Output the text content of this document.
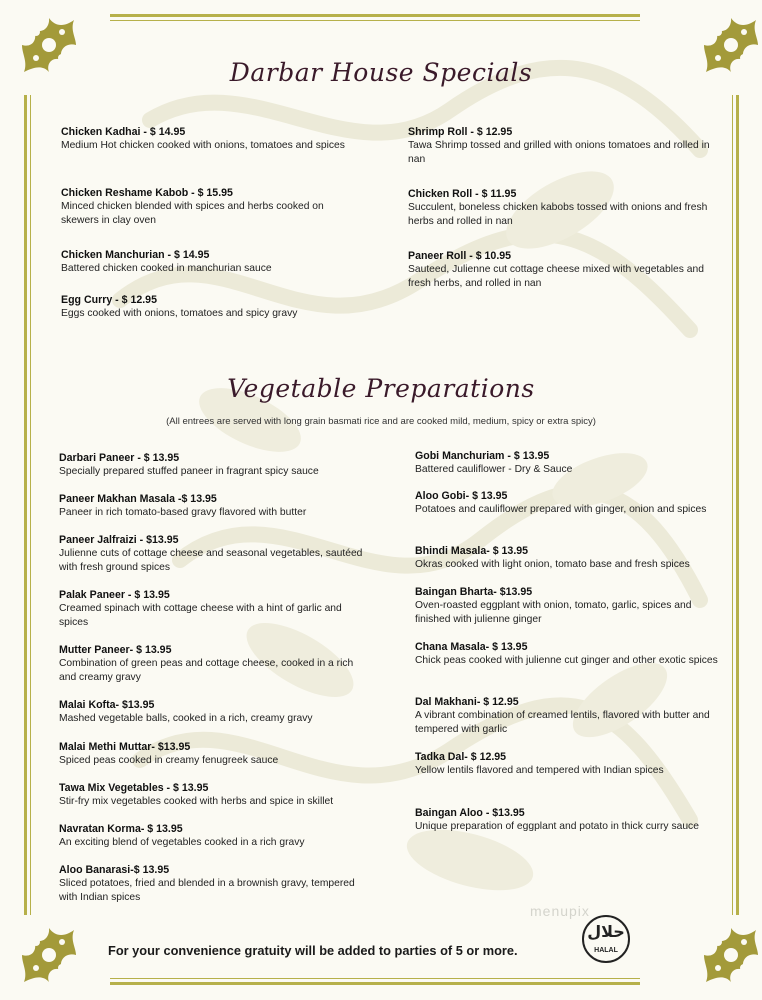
Darbar House Specials
Chicken Kadhai - $ 14.95
Medium Hot chicken cooked with onions, tomatoes and spices
Chicken Reshame Kabob - $ 15.95
Minced chicken blended with spices and herbs cooked on skewers in clay oven
Chicken Manchurian - $ 14.95
Battered chicken cooked in manchurian sauce
Egg Curry - $ 12.95
Eggs cooked with onions, tomatoes and spicy gravy
Shrimp Roll - $ 12.95
Tawa Shrimp tossed and grilled with onions tomatoes and rolled in nan
Chicken Roll - $ 11.95
Succulent, boneless chicken kabobs tossed with onions and fresh herbs and rolled in nan
Paneer Roll - $ 10.95
Sauteed, Julienne cut cottage cheese mixed with vegetables and fresh herbs, and rolled in nan
Vegetable Preparations
(All entrees are served with long grain basmati rice and are cooked mild, medium, spicy or extra spicy)
Darbari Paneer - $ 13.95
Specially prepared stuffed paneer in fragrant spicy sauce
Paneer Makhan Masala -$ 13.95
Paneer in rich tomato-based gravy flavored with butter
Paneer Jalfraizi - $13.95
Julienne cuts of cottage cheese and seasonal vegetables, sautéed with fresh ground spices
Palak Paneer - $ 13.95
Creamed spinach with cottage cheese with a hint of garlic and spices
Mutter Paneer- $ 13.95
Combination of green peas and cottage cheese, cooked in a rich and creamy gravy
Malai Kofta- $13.95
Mashed vegetable balls, cooked in a rich, creamy gravy
Malai Methi Muttar- $13.95
Spiced peas cooked in creamy fenugreek sauce
Tawa Mix Vegetables - $ 13.95
Stir-fry mix vegetables cooked with herbs and spice in skillet
Navratan Korma- $ 13.95
An exciting blend of vegetables cooked in a rich gravy
Aloo Banarasi-$ 13.95
Sliced potatoes, fried and blended in a brownish gravy, tempered with Indian spices
Gobi Manchuriam - $ 13.95
Battered cauliflower - Dry & Sauce
Aloo Gobi- $ 13.95
Potatoes and cauliflower prepared with ginger, onion and spices
Bhindi Masala- $ 13.95
Okras cooked with light onion, tomato base and fresh spices
Baingan Bharta- $13.95
Oven-roasted eggplant with onion, tomato, garlic, spices and finished with julienne ginger
Chana Masala- $ 13.95
Chick peas cooked with julienne cut ginger and other exotic spices
Dal Makhani- $ 12.95
A vibrant combination of creamed lentils, flavored with butter and tempered with garlic
Tadka Dal- $ 12.95
Yellow lentils flavored and tempered with Indian spices
Baingan Aloo - $13.95
Unique preparation of eggplant and potato in thick curry sauce
menupix
For your convenience gratuity will be added to parties of 5 or more.
حلال
HALAL
